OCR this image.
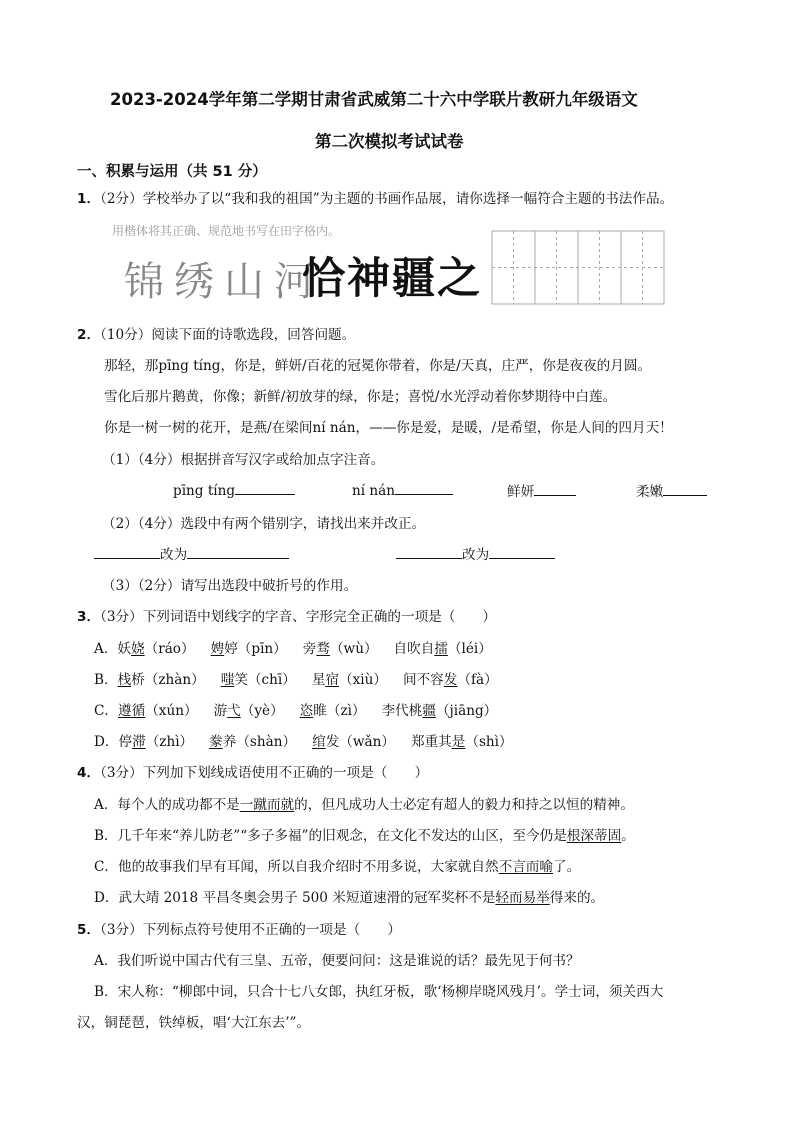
2023-2024学年第二学期甘肃省武威第二十六中学联片教研九年级语文
第二次模拟考试试卷
一、积累与运用（共 51 分）
1．（2分）学校举办了以“我和我的祖国”为主题的书画作品展，请你选择一幅符合主题的书法作品。
用楷体将其正确、规范地书写在田字格内。
锦绣山河
恰神疆之
2．（10分）阅读下面的诗歌选段，回答问题。
那轻，那pīng tíng，你是，鲜妍/百花的冠冕你带着，你是/天真，庄严，你是夜夜的月圆。
雪化后那片鹅黄，你像；新鲜/初放芽的绿，你是；喜悦/水光浮动着你梦期待中白莲。
你是一树一树的花开，是燕/在梁间ní nán，——你是爱，是暖，/是希望，你是人间的四月天！
（1）（4分）根据拼音写汉字或给加点字注音。
pīng tíng	ní nán	鲜妍	柔嫩
（2）（4分）选段中有两个错别字，请找出来并改正。
改为	改为
（3）（2分）请写出选段中破折号的作用。
3．（3分）下列词语中划线字的字音、字形完全正确的一项是（　　）
A．妖娆（ráo） 娉婷（pīn） 旁骛（wù） 自吹自擂（léi）
B．栈桥（zhàn） 嗤笑（chī） 星宿（xiù） 间不容发（fà）
C．遵循（xún） 游弋（yè） 恣睢（zì） 李代桃疆（jiāng）
D．停滞（zhì） 豢养（shàn） 绾发（wǎn） 郑重其是（shì）
4．（3分）下列加下划线成语使用不正确的一项是（　　）
A．每个人的成功都不是一蹴而就的，但凡成功人士必定有超人的毅力和持之以恒的精神。
B．几千年来“养儿防老”“多子多福”的旧观念，在文化不发达的山区，至今仍是根深蒂固。
C．他的故事我们早有耳闻，所以自我介绍时不用多说，大家就自然不言而喻了。
D．武大靖 2018 平昌冬奥会男子 500 米短道速滑的冠军奖杯不是轻而易举得来的。
5．（3分）下列标点符号使用不正确的一项是（　　）
A．我们听说中国古代有三皇、五帝，便要问问：这是谁说的话？最先见于何书？
B．宋人称：“柳郎中词，只合十七八女郎，执红牙板，歌‘杨柳岸晓风残月’。学士词，须关西大
汉，铜琵琶，铁绰板，唱‘大江东去’”。
